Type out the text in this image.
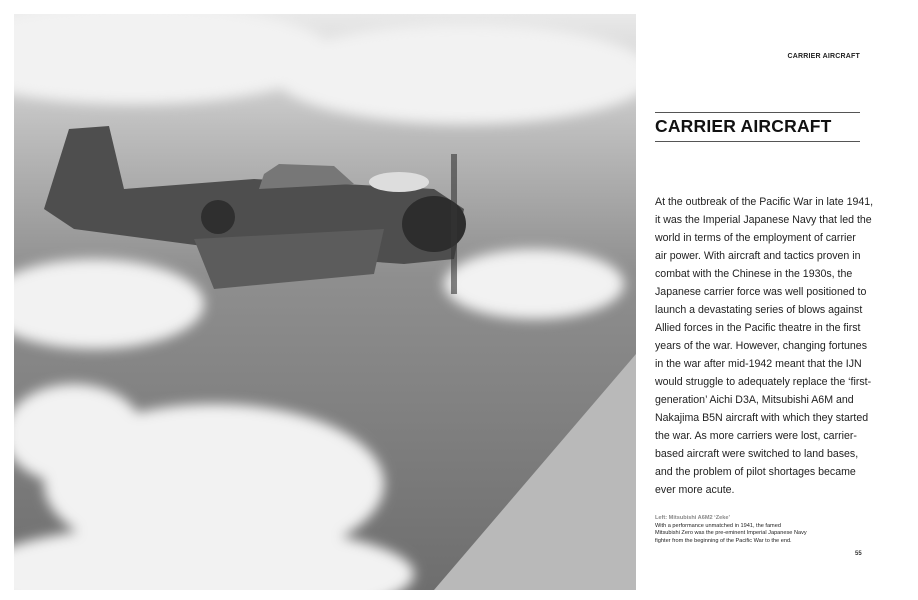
CARRIER AIRCRAFT
CARRIER AIRCRAFT
At the outbreak of the Pacific War in late 1941,
it was the Imperial Japanese Navy that led the
world in terms of the employment of carrier
air power. With aircraft and tactics proven in
combat with the Chinese in the 1930s, the
Japanese carrier force was well positioned to
launch a devastating series of blows against
Allied forces in the Pacific theatre in the first
years of the war. However, changing fortunes
in the war after mid-1942 meant that the IJN
would struggle to adequately replace the ‘first-
generation’ Aichi D3A, Mitsubishi A6M and
Nakajima B5N aircraft with which they started
the war. As more carriers were lost, carrier-
based aircraft were switched to land bases,
and the problem of pilot shortages became
ever more acute.
Left: Mitsubishi A6M2 ‘Zeke’
With a performance unmatched in 1941, the famed
Mitsubishi Zero was the pre-eminent Imperial Japanese Navy
fighter from the beginning of the Pacific War to the end.
55
